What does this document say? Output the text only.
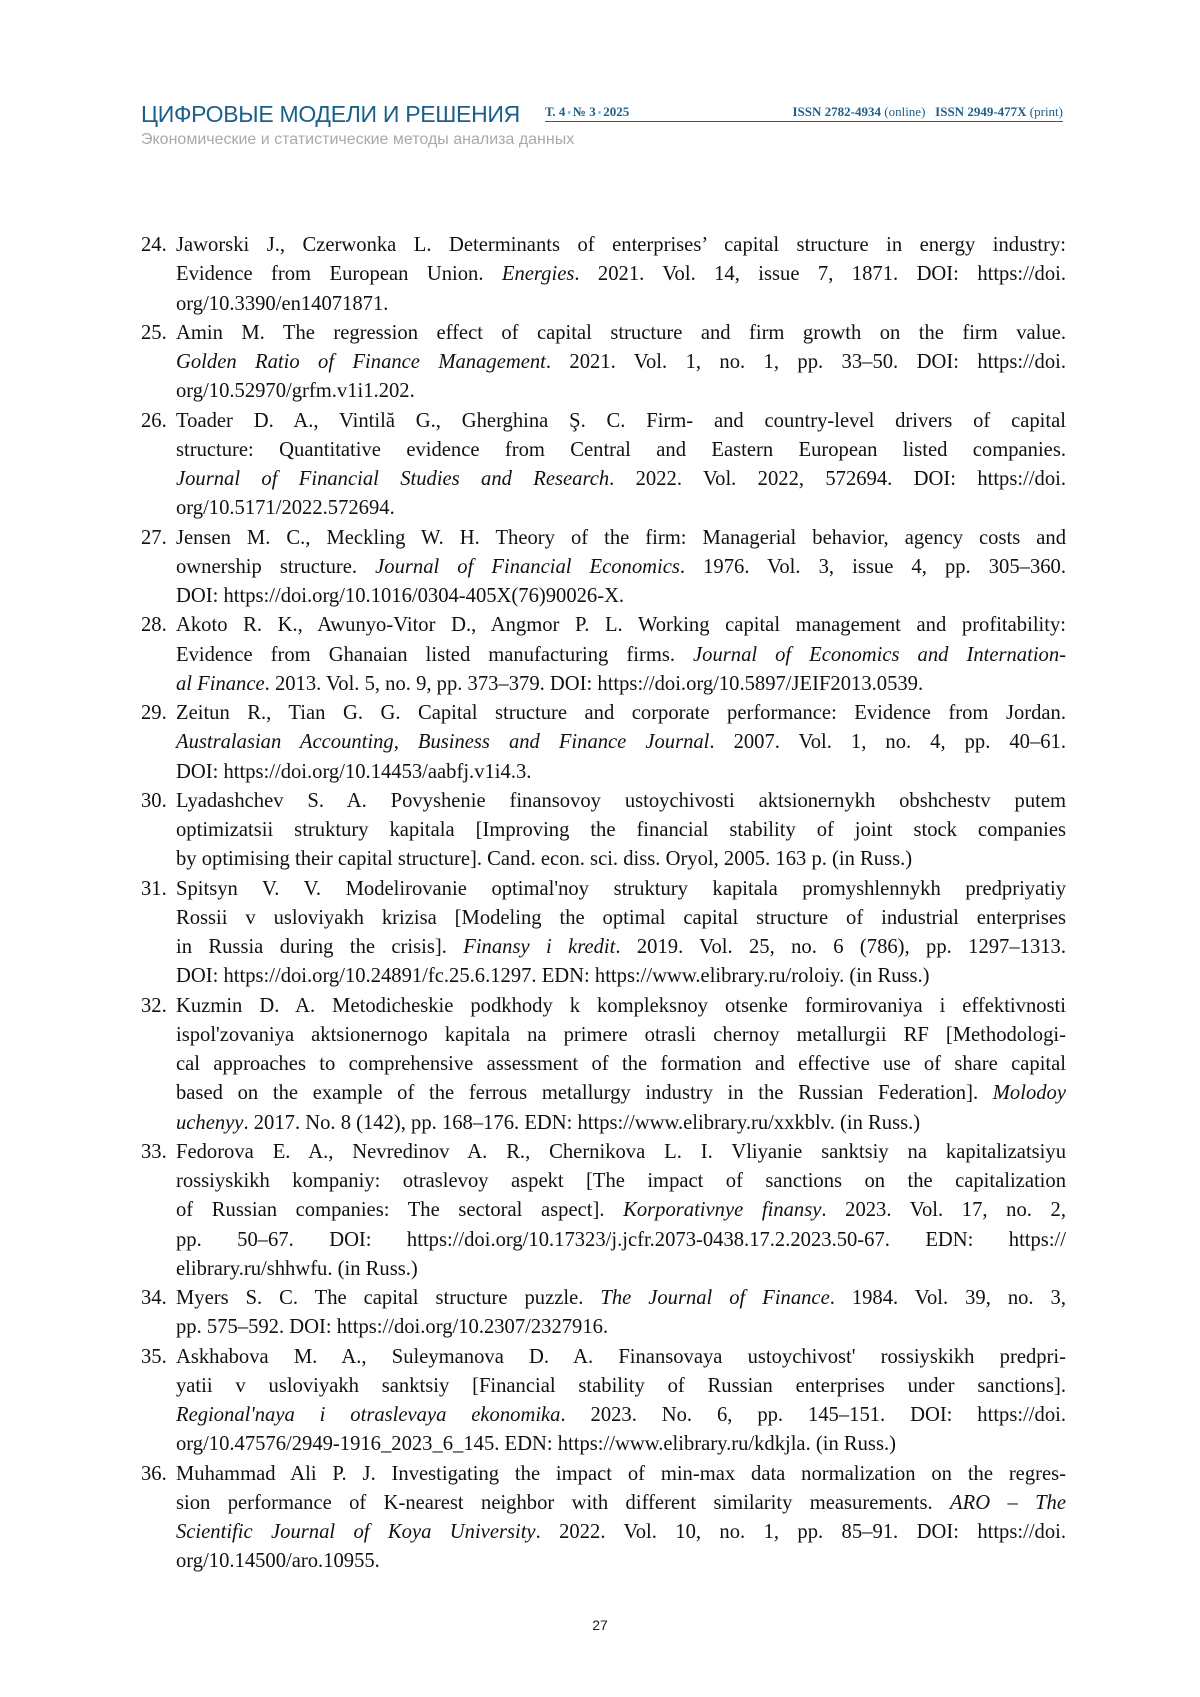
ЦИФРОВЫЕ МОДЕЛИ И РЕШЕНИЯ Т. 4 • № 3 • 2025	ISSN 2782-4934 (online) ISSN 2949-477X (print)
Экономические и статистические методы анализа данных
24. Jaworski J., Czerwonka L. Determinants of enterprises’ capital structure in energy industry:
Evidence from European Union. Energies. 2021. Vol. 14, issue 7, 1871. DOI: https://doi.
org/10.3390/en14071871.
25. Amin M. The regression effect of capital structure and firm growth on the firm value.
Golden Ratio of Finance Management. 2021. Vol. 1, no. 1, pp. 33–50. DOI: https://doi.
org/10.52970/grfm.v1i1.202.
26. Toader D. A., Vintilă G., Gherghina Ş. C. Firm- and country-level drivers of capital
structure: Quantitative evidence from Central and Eastern European listed companies.
Journal of Financial Studies and Research. 2022. Vol. 2022, 572694. DOI: https://doi.
org/10.5171/2022.572694.
27. Jensen M. C., Meckling W. H. Theory of the firm: Managerial behavior, agency costs and
ownership structure. Journal of Financial Economics. 1976. Vol. 3, issue 4, pp. 305–360.
DOI: https://doi.org/10.1016/0304-405X(76)90026-X.
28. Akoto R. K., Awunyo-Vitor D., Angmor P. L. Working capital management and profitability:
Evidence from Ghanaian listed manufacturing firms. Journal of Economics and Internation-
al Finance. 2013. Vol. 5, no. 9, pp. 373–379. DOI: https://doi.org/10.5897/JEIF2013.0539.
29. Zeitun R., Tian G. G. Capital structure and corporate performance: Evidence from Jordan.
Australasian Accounting, Business and Finance Journal. 2007. Vol. 1, no. 4, pp. 40–61.
DOI: https://doi.org/10.14453/aabfj.v1i4.3.
30. Lyadashchev S. A. Povyshenie finansovoy ustoychivosti aktsionernykh obshchestv putem
optimizatsii struktury kapitala [Improving the financial stability of joint stock companies
by optimising their capital structure]. Cand. econ. sci. diss. Oryol, 2005. 163 p. (in Russ.)
31. Spitsyn V. V. Modelirovanie optimal'noy struktury kapitala promyshlennykh predpriyatiy
Rossii v usloviyakh krizisa [Modeling the optimal capital structure of industrial enterprises
in Russia during the crisis]. Finansy i kredit. 2019. Vol. 25, no. 6 (786), pp. 1297–1313.
DOI: https://doi.org/10.24891/fc.25.6.1297. EDN: https://www.elibrary.ru/roloiy. (in Russ.)
32. Kuzmin D. A. Metodicheskie podkhody k kompleksnoy otsenke formirovaniya i effektivnosti
ispol'zovaniya aktsionernogo kapitala na primere otrasli chernoy metallurgii RF [Methodologi-
cal approaches to comprehensive assessment of the formation and effective use of share capital
based on the example of the ferrous metallurgy industry in the Russian Federation]. Molodoy
uchenyy. 2017. No. 8 (142), pp. 168–176. EDN: https://www.elibrary.ru/xxkblv. (in Russ.)
33. Fedorova E. A., Nevredinov A. R., Chernikova L. I. Vliyanie sanktsiy na kapitalizatsiyu
rossiyskikh kompaniy: otraslevoy aspekt [The impact of sanctions on the capitalization
of Russian companies: The sectoral aspect]. Korporativnye finansy. 2023. Vol. 17, no. 2,
pp. 50–67. DOI: https://doi.org/10.17323/j.jcfr.2073-0438.17.2.2023.50-67. EDN: https://
elibrary.ru/shhwfu. (in Russ.)
34. Myers S. C. The capital structure puzzle. The Journal of Finance. 1984. Vol. 39, no. 3,
pp. 575–592. DOI: https://doi.org/10.2307/2327916.
35. Askhabova M. A., Suleymanova D. A. Finansovaya ustoychivost' rossiyskikh predpri-
yatii v usloviyakh sanktsiy [Financial stability of Russian enterprises under sanctions].
Regional'naya i otraslevaya ekonomika. 2023. No. 6, pp. 145–151. DOI: https://doi.
org/10.47576/2949-1916_2023_6_145. EDN: https://www.elibrary.ru/kdkjla. (in Russ.)
36. Muhammad Ali P. J. Investigating the impact of min-max data normalization on the regres-
sion performance of K-nearest neighbor with different similarity measurements. ARO – The
Scientific Journal of Koya University. 2022. Vol. 10, no. 1, pp. 85–91. DOI: https://doi.
org/10.14500/aro.10955.
27
